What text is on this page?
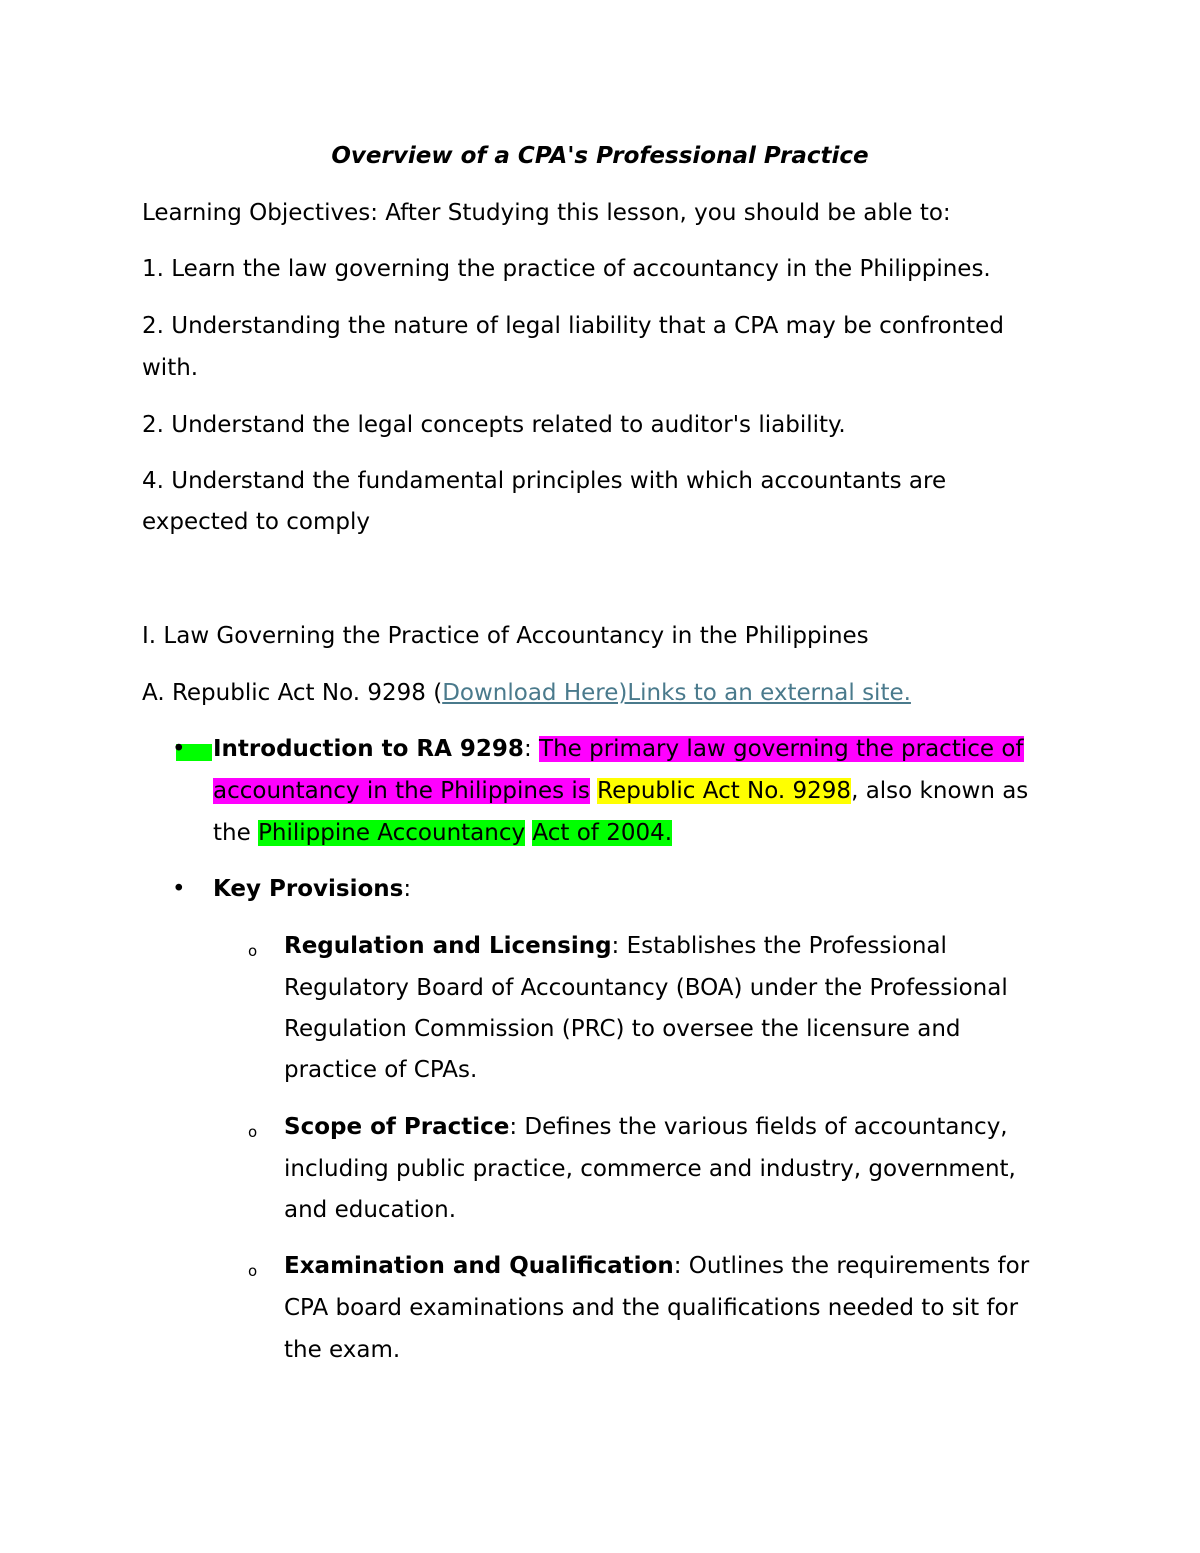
Overview of a CPA's Professional Practice
Learning Objectives: After Studying this lesson, you should be able to:
1. Learn the law governing the practice of accountancy in the Philippines.
2. Understanding the nature of legal liability that a CPA may be confronted
with.
2. Understand the legal concepts related to auditor's liability.
4. Understand the fundamental principles with which accountants are
expected to comply
I. Law Governing the Practice of Accountancy in the Philippines
A. Republic Act No. 9298 (Download Here)Links to an external site.
• Introduction to RA 9298: The primary law governing the practice of
accountancy in the Philippines is Republic Act No. 9298, also known as
the Philippine Accountancy Act of 2004.
• Key Provisions:
o Regulation and Licensing: Establishes the Professional
Regulatory Board of Accountancy (BOA) under the Professional
Regulation Commission (PRC) to oversee the licensure and
practice of CPAs.
o Scope of Practice: Defines the various fields of accountancy,
including public practice, commerce and industry, government,
and education.
o Examination and Qualification: Outlines the requirements for
CPA board examinations and the qualifications needed to sit for
the exam.
